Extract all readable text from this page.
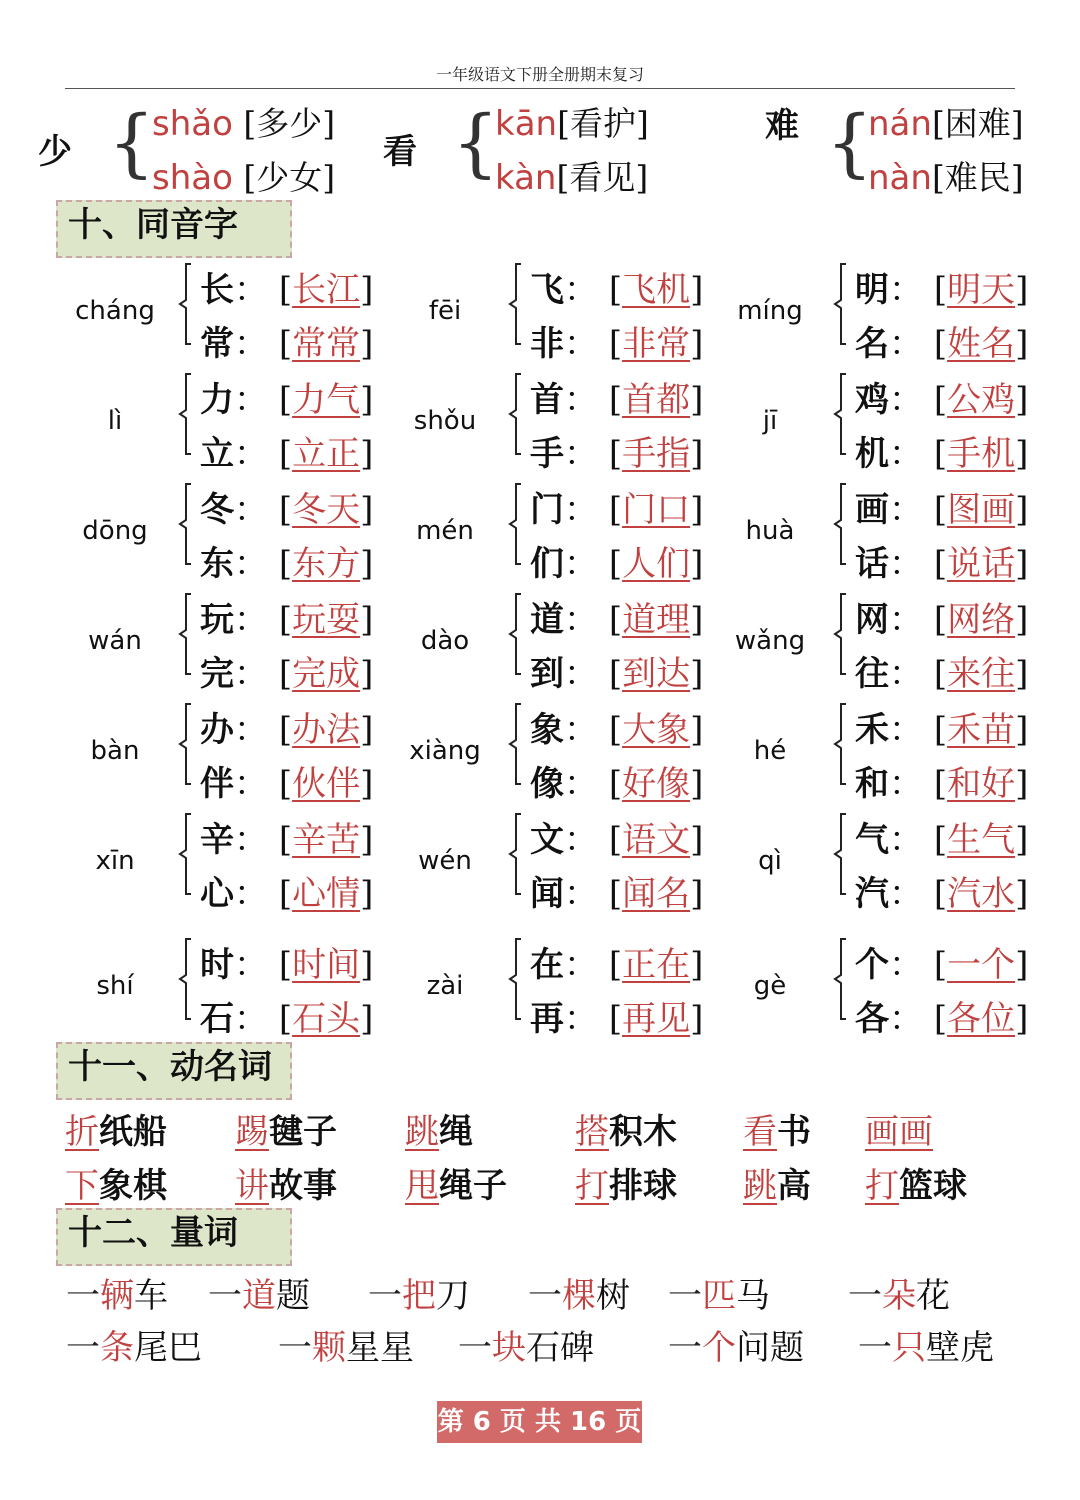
一年级语文下册全册期末复习
少 {
shǎo [多少]
shào [少女]
看 {
kān[看护]
kàn[看见]
难 {
nán[困难]
nàn[难民]
十、同音字
cháng
长： [长江]
常： [常常]
fēi
飞： [飞机]
非： [非常]
míng
明： [明天]
名： [姓名]
lì
力： [力气]
立： [立正]
shǒu
首： [首都]
手： [手指]
jī
鸡： [公鸡]
机： [手机]
dōng
冬： [冬天]
东： [东方]
mén
门： [门口]
们： [人们]
huà
画： [图画]
话： [说话]
wán
玩： [玩耍]
完： [完成]
dào
道： [道理]
到： [到达]
wǎng
网： [网络]
往： [来往]
bàn
办： [办法]
伴： [伙伴]
xiàng
象： [大象]
像： [好像]
hé
禾： [禾苗]
和： [和好]
xīn
辛： [辛苦]
心： [心情]
wén
文： [语文]
闻： [闻名]
qì
气： [生气]
汽： [汽水]
shí
时： [时间]
石： [石头]
zài
在： [正在]
再： [再见]
gè
个： [一个]
各： [各位]
十一、动名词
折纸船 踢毽子 跳绳	搭积木 看书 画画
下象棋 讲故事 甩绳子 打排球 跳高 打篮球
十二、量词
一辆车 一道题 一把刀 一棵树 一匹马 一朵花
一条尾巴 一颗星星 一块石碑 一个问题 一只壁虎
第 6 页 共 16 页
